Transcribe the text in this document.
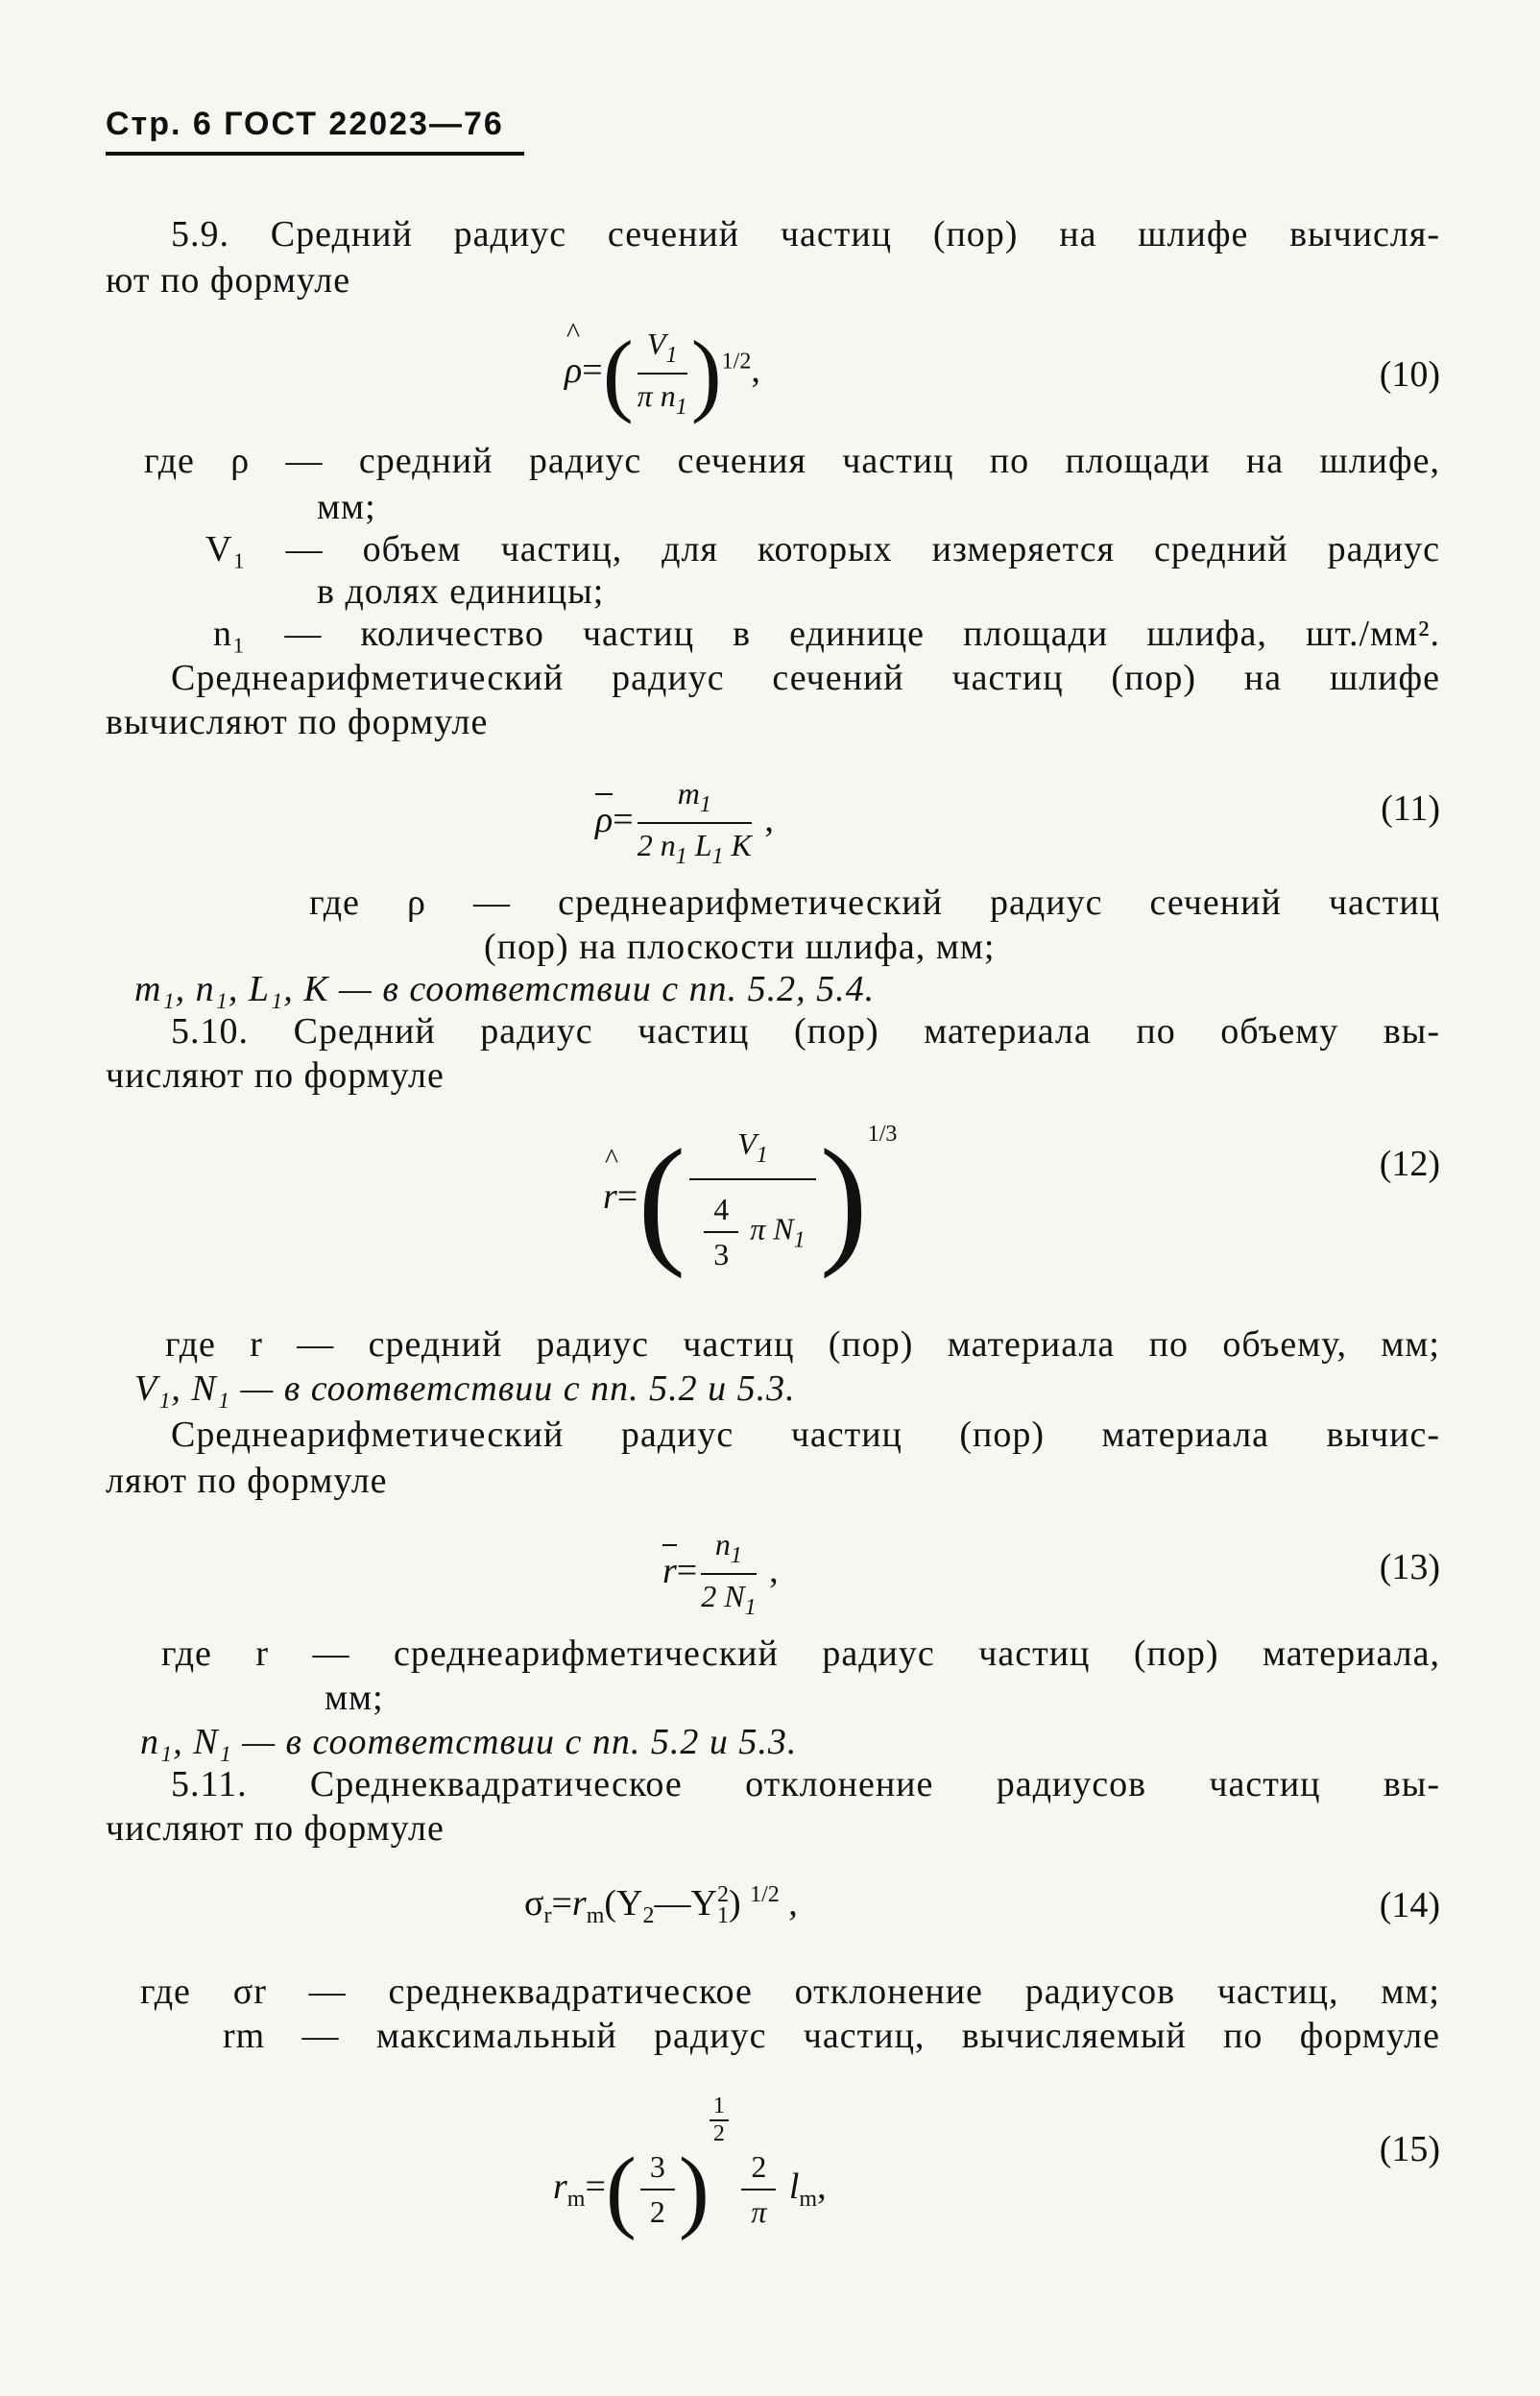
Стр. 6 ГОСТ 22023—76
5.9. Средний радиус сечений частиц (пор) на шлифе вычисля-
ют по формуле
^ $\rho=( \frac{V_1}{\pi n_1} )^{1/2}$,	(10)
где ρ — средний радиус сечения частиц по площади на шлифе,
мм;
V₁ — объем частиц, для которых измеряется средний радиус
в долях единицы;
n₁ — количество частиц в единице площади шлифа, шт./мм².
Среднеарифметический радиус сечений частиц (пор) на шлифе
вычисляют по формуле
$\rho= \frac{m_1}{2 n_1 L_1 K}$ ,	(11)
где ρ — среднеарифметический радиус сечений частиц
(пор) на плоскости шлифа, мм;
m₁, n₁, L₁, K — в соответствии с пп. 5.2, 5.4.
5.10. Средний радиус частиц (пор) материала по объему вы-
числяют по формуле
^ $r=( \frac{V_1}{\frac{4}{3} \pi N_1} )^{1/3}$
(12)
где r — средний радиус частиц (пор) материала по объему, мм;
V₁, N₁ — в соответствии с пп. 5.2 и 5.3.
Среднеарифметический радиус частиц (пор) материала вычис-
ляют по формуле
$r= \frac{n_1}{2 N_1}$ ,	(13)
где r — среднеарифметический радиус частиц (пор) материала,
мм;
n₁, N₁ — в соответствии с пп. 5.2 и 5.3.
5.11. Среднеквадратическое отклонение радиусов частиц вы-
числяют по формуле
$\sigma_r=r_m(\Upsilon_2—\Upsilon_1^2)$ $^{1/2}$ ,	(14)
где σr — среднеквадратическое отклонение радиусов частиц, мм;
rm — максимальный радиус частиц, вычисляемый по формуле
$r_m=( \frac{3}{2}$ )
$\frac{1}{2}$

$\frac{2}{\pi} l_m$,
(15)
